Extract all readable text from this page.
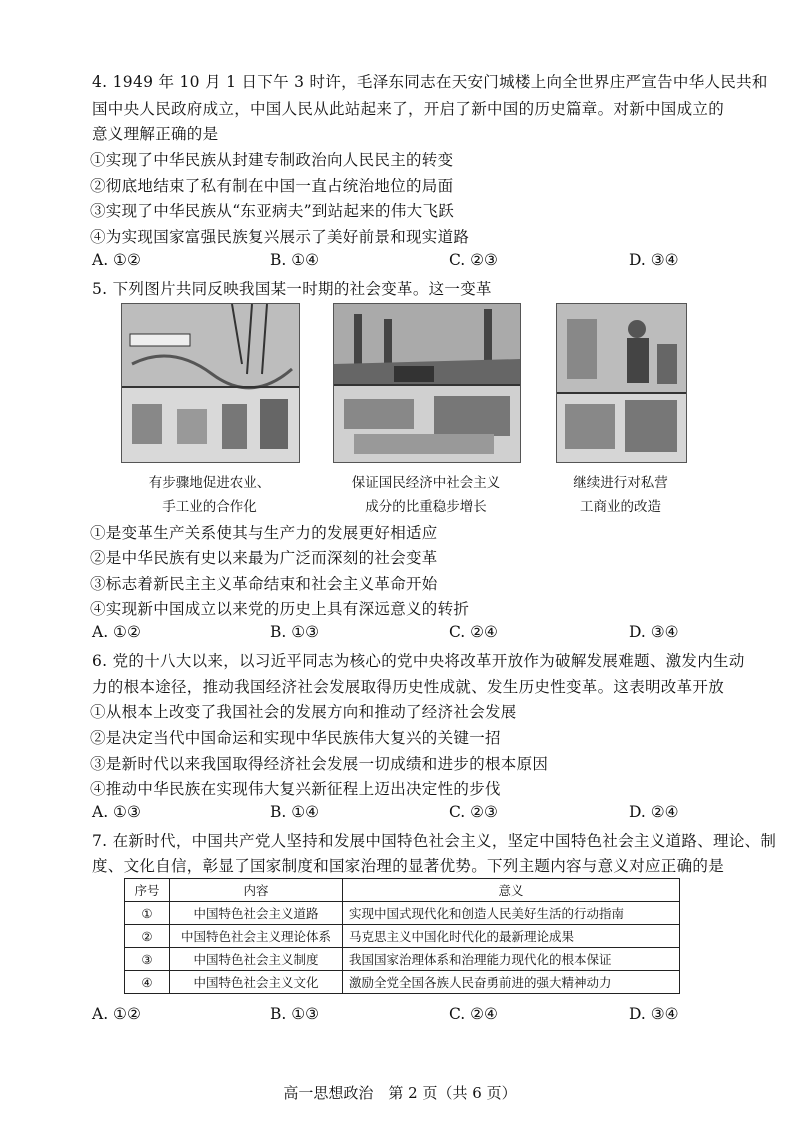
4. 1949 年 10 月 1 日下午 3 时许，毛泽东同志在天安门城楼上向全世界庄严宣告中华人民共和
国中央人民政府成立，中国人民从此站起来了，开启了新中国的历史篇章。对新中国成立的
意义理解正确的是
①实现了中华民族从封建专制政治向人民民主的转变
②彻底地结束了私有制在中国一直占统治地位的局面
③实现了中华民族从“东亚病夫”到站起来的伟大飞跃
④为实现国家富强民族复兴展示了美好前景和现实道路
A. ①②	B. ①④	C. ②③	D. ③④
5. 下列图片共同反映我国某一时期的社会变革。这一变革
有步骤地促进农业、
手工业的合作化
保证国民经济中社会主义
成分的比重稳步增长
继续进行对私营
工商业的改造
①是变革生产关系使其与生产力的发展更好相适应
②是中华民族有史以来最为广泛而深刻的社会变革
③标志着新民主主义革命结束和社会主义革命开始
④实现新中国成立以来党的历史上具有深远意义的转折
A. ①②	B. ①③	C. ②④	D. ③④
6. 党的十八大以来，以习近平同志为核心的党中央将改革开放作为破解发展难题、激发内生动
力的根本途径，推动我国经济社会发展取得历史性成就、发生历史性变革。这表明改革开放
①从根本上改变了我国社会的发展方向和推动了经济社会发展
②是决定当代中国命运和实现中华民族伟大复兴的关键一招
③是新时代以来我国取得经济社会发展一切成绩和进步的根本原因
④推动中华民族在实现伟大复兴新征程上迈出决定性的步伐
A. ①③	B. ①④	C. ②③	D. ②④
7. 在新时代，中国共产党人坚持和发展中国特色社会主义，坚定中国特色社会主义道路、理论、制
度、文化自信，彰显了国家制度和国家治理的显著优势。下列主题内容与意义对应正确的是
序号	内容	意义
①	中国特色社会主义道路	实现中国式现代化和创造人民美好生活的行动指南
②	中国特色社会主义理论体系	马克思主义中国化时代化的最新理论成果
③	中国特色社会主义制度	我国国家治理体系和治理能力现代化的根本保证
④	中国特色社会主义文化	激励全党全国各族人民奋勇前进的强大精神动力
A. ①②	B. ①③	C. ②④	D. ③④
高一思想政治　第 2 页（共 6 页）
